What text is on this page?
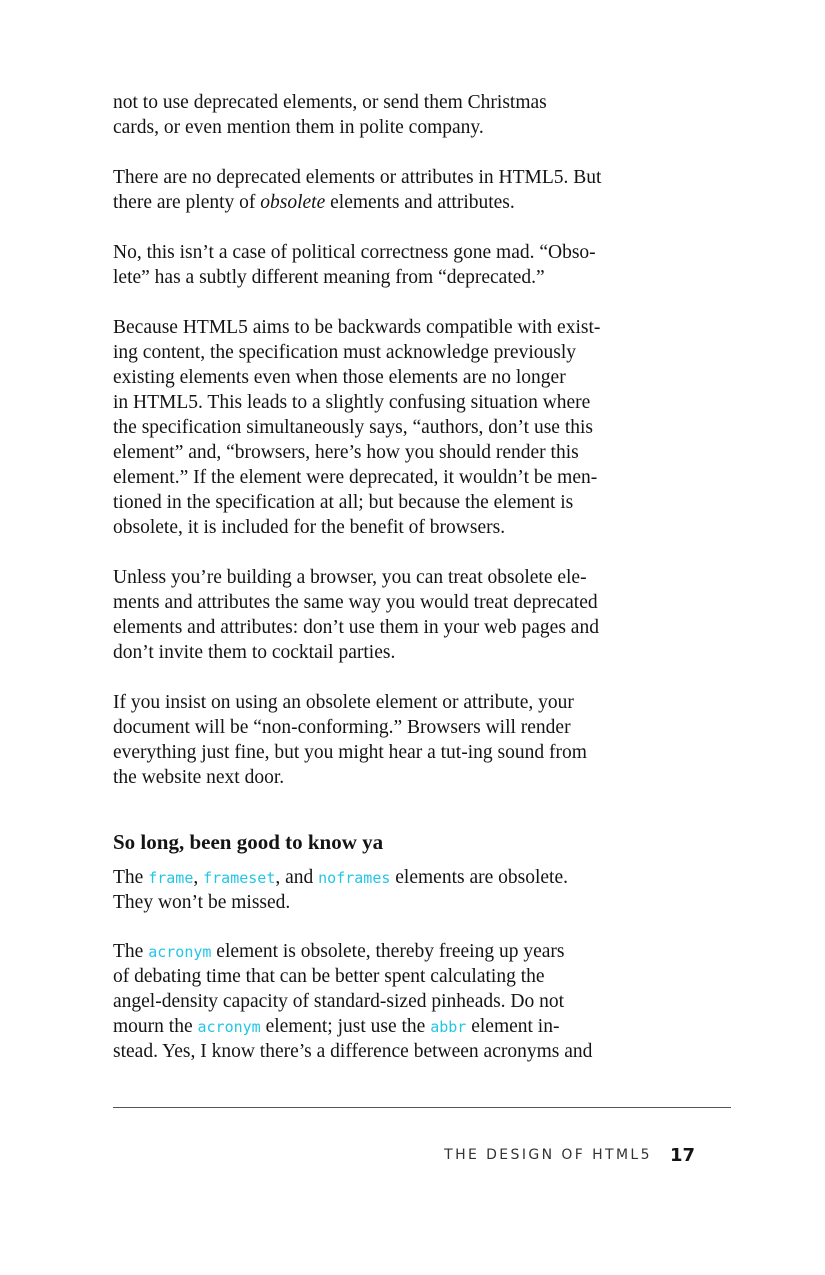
not to use deprecated elements, or send them Christmas
cards, or even mention them in polite company.
There are no deprecated elements or attributes in HTML5. But
there are plenty of obsolete elements and attributes.
No, this isn’t a case of political correctness gone mad. “Obso-
lete” has a subtly different meaning from “deprecated.”
Because HTML5 aims to be backwards compatible with exist-
ing content, the specification must acknowledge previously
existing elements even when those elements are no longer
in HTML5. This leads to a slightly confusing situation where
the specification simultaneously says, “authors, don’t use this
element” and, “browsers, here’s how you should render this
element.” If the element were deprecated, it wouldn’t be men-
tioned in the specification at all; but because the element is
obsolete, it is included for the benefit of browsers.
Unless you’re building a browser, you can treat obsolete ele-
ments and attributes the same way you would treat deprecated
elements and attributes: don’t use them in your web pages and
don’t invite them to cocktail parties.
If you insist on using an obsolete element or attribute, your
document will be “non-conforming.” Browsers will render
everything just fine, but you might hear a tut-ing sound from
the website next door.
So long, been good to know ya
The frame, frameset, and noframes elements are obsolete.
They won’t be missed.
The acronym element is obsolete, thereby freeing up years
of debating time that can be better spent calculating the
angel-density capacity of standard-sized pinheads. Do not
mourn the acronym element; just use the abbr element in-
stead. Yes, I know there’s a difference between acronyms and
THE DESIGN OF HTML5 17
